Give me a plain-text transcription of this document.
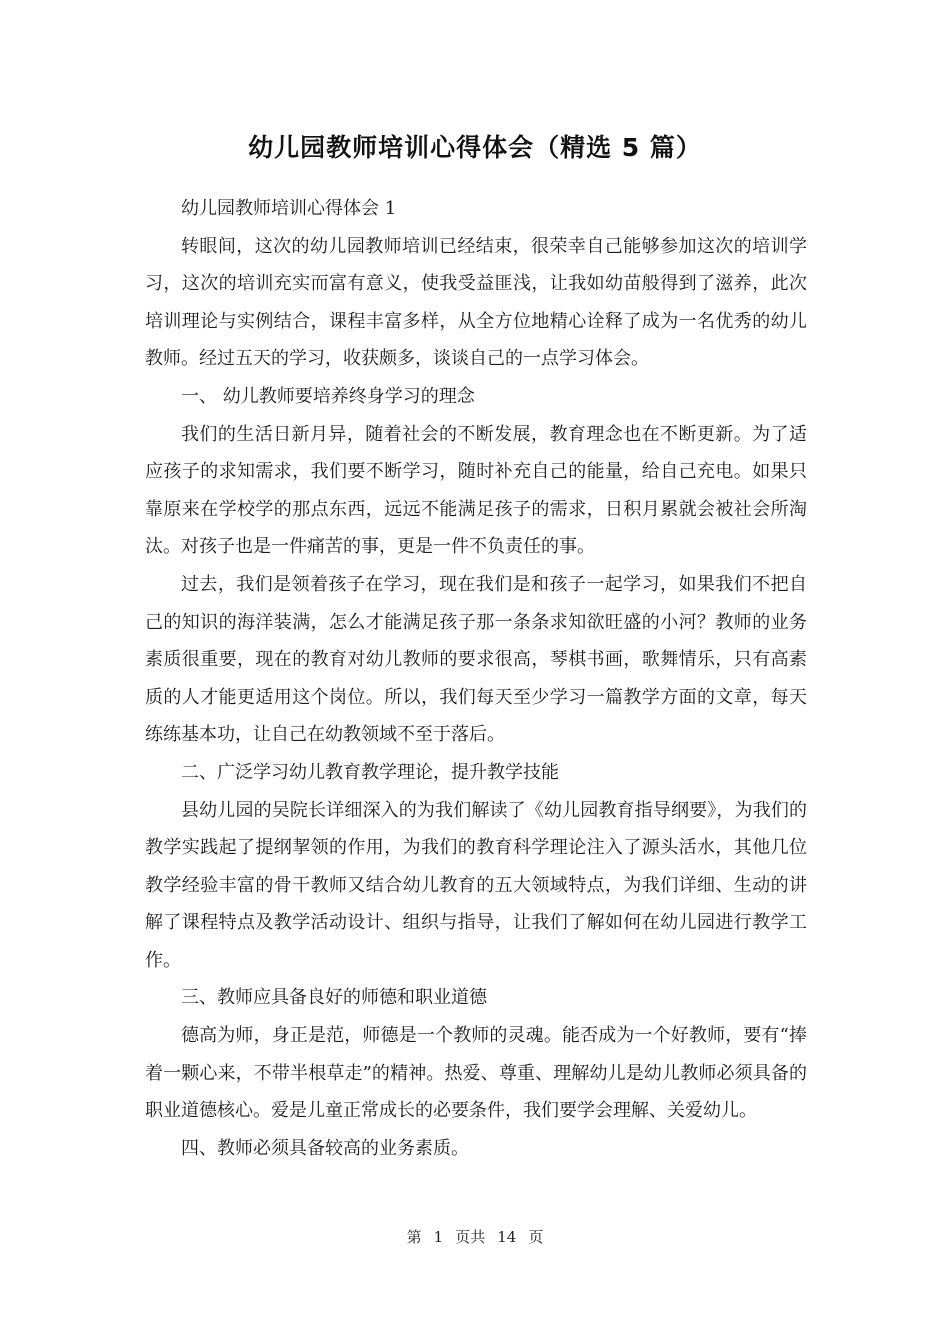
幼儿园教师培训心得体会（精选 5 篇）

幼儿园教师培训心得体会 1

转眼间，这次的幼儿园教师培训已经结束，很荣幸自己能够参加这次的培训学习，这次的培训充实而富有意义，使我受益匪浅，让我如幼苗般得到了滋养，此次培训理论与实例结合，课程丰富多样，从全方位地精心诠释了成为一名优秀的幼儿教师。经过五天的学习，收获颇多，谈谈自己的一点学习体会。

一、 幼儿教师要培养终身学习的理念

我们的生活日新月异，随着社会的不断发展，教育理念也在不断更新。为了适应孩子的求知需求，我们要不断学习，随时补充自己的能量，给自己充电。如果只靠原来在学校学的那点东西，远远不能满足孩子的需求，日积月累就会被社会所淘汰。对孩子也是一件痛苦的事，更是一件不负责任的事。

过去，我们是领着孩子在学习，现在我们是和孩子一起学习，如果我们不把自己的知识的海洋装满，怎么才能满足孩子那一条条求知欲旺盛的小河？教师的业务素质很重要，现在的教育对幼儿教师的要求很高，琴棋书画，歌舞情乐，只有高素质的人才能更适用这个岗位。所以，我们每天至少学习一篇教学方面的文章，每天练练基本功，让自己在幼教领域不至于落后。

二、广泛学习幼儿教育教学理论，提升教学技能

县幼儿园的吴院长详细深入的为我们解读了《幼儿园教育指导纲要》，为我们的教学实践起了提纲挈领的作用，为我们的教育科学理论注入了源头活水，其他几位教学经验丰富的骨干教师又结合幼儿教育的五大领域特点，为我们详细、生动的讲解了课程特点及教学活动设计、组织与指导，让我们了解如何在幼儿园进行教学工作。

三、教师应具备良好的师德和职业道德

德高为师，身正是范，师德是一个教师的灵魂。能否成为一个好教师，要有“捧着一颗心来，不带半根草走”的精神。热爱、尊重、理解幼儿是幼儿教师必须具备的职业道德核心。爱是儿童正常成长的必要条件，我们要学会理解、关爱幼儿。

四、教师必须具备较高的业务素质。

第 1 页共 14 页
